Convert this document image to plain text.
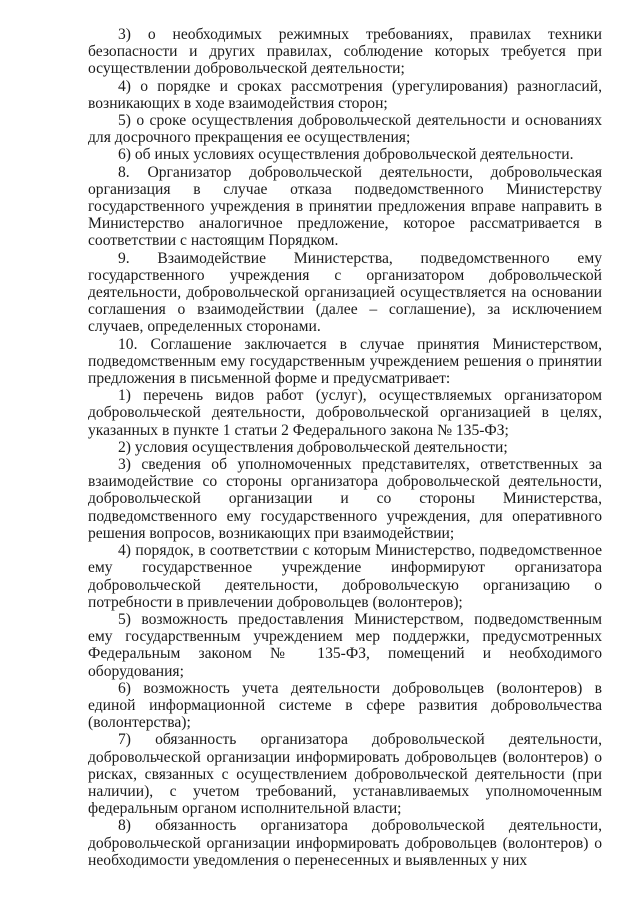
3) о необходимых режимных требованиях, правилах техники безопасности и других правилах, соблюдение которых требуется при осуществлении добровольческой деятельности;

4) о порядке и сроках рассмотрения (урегулирования) разногласий, возникающих в ходе взаимодействия сторон;

5) о сроке осуществления добровольческой деятельности и основаниях для досрочного прекращения ее осуществления;

6) об иных условиях осуществления добровольческой деятельности.

8. Организатор добровольческой деятельности, добровольческая организация в случае отказа подведомственного Министерству государственного учреждения в принятии предложения вправе направить в Министерство аналогичное предложение, которое рассматривается в соответствии с настоящим Порядком.

9. Взаимодействие Министерства, подведомственного ему государственного учреждения с организатором добровольческой деятельности, добровольческой организацией осуществляется на основании соглашения о взаимодействии (далее – соглашение), за исключением случаев, определенных сторонами.

10. Соглашение заключается в случае принятия Министерством, подведомственным ему государственным учреждением решения о принятии предложения в письменной форме и предусматривает:

1) перечень видов работ (услуг), осуществляемых организатором добровольческой деятельности, добровольческой организацией в целях, указанных в пункте 1 статьи 2 Федерального закона № 135-ФЗ;

2) условия осуществления добровольческой деятельности;

3) сведения об уполномоченных представителях, ответственных за взаимодействие со стороны организатора добровольческой деятельности, добровольческой организации и со стороны Министерства, подведомственного ему государственного учреждения, для оперативного решения вопросов, возникающих при взаимодействии;

4) порядок, в соответствии с которым Министерство, подведомственное ему государственное учреждение информируют организатора добровольческой деятельности, добровольческую организацию о потребности в привлечении добровольцев (волонтеров);

5) возможность предоставления Министерством, подведомственным ему государственным учреждением мер поддержки, предусмотренных Федеральным законом № 135-ФЗ, помещений и необходимого оборудования;

6) возможность учета деятельности добровольцев (волонтеров) в единой информационной системе в сфере развития добровольчества (волонтерства);

7) обязанность организатора добровольческой деятельности, добровольческой организации информировать добровольцев (волонтеров) о рисках, связанных с осуществлением добровольческой деятельности (при наличии), с учетом требований, устанавливаемых уполномоченным федеральным органом исполнительной власти;

8) обязанность организатора добровольческой деятельности, добровольческой организации информировать добровольцев (волонтеров) о необходимости уведомления о перенесенных и выявленных у них
